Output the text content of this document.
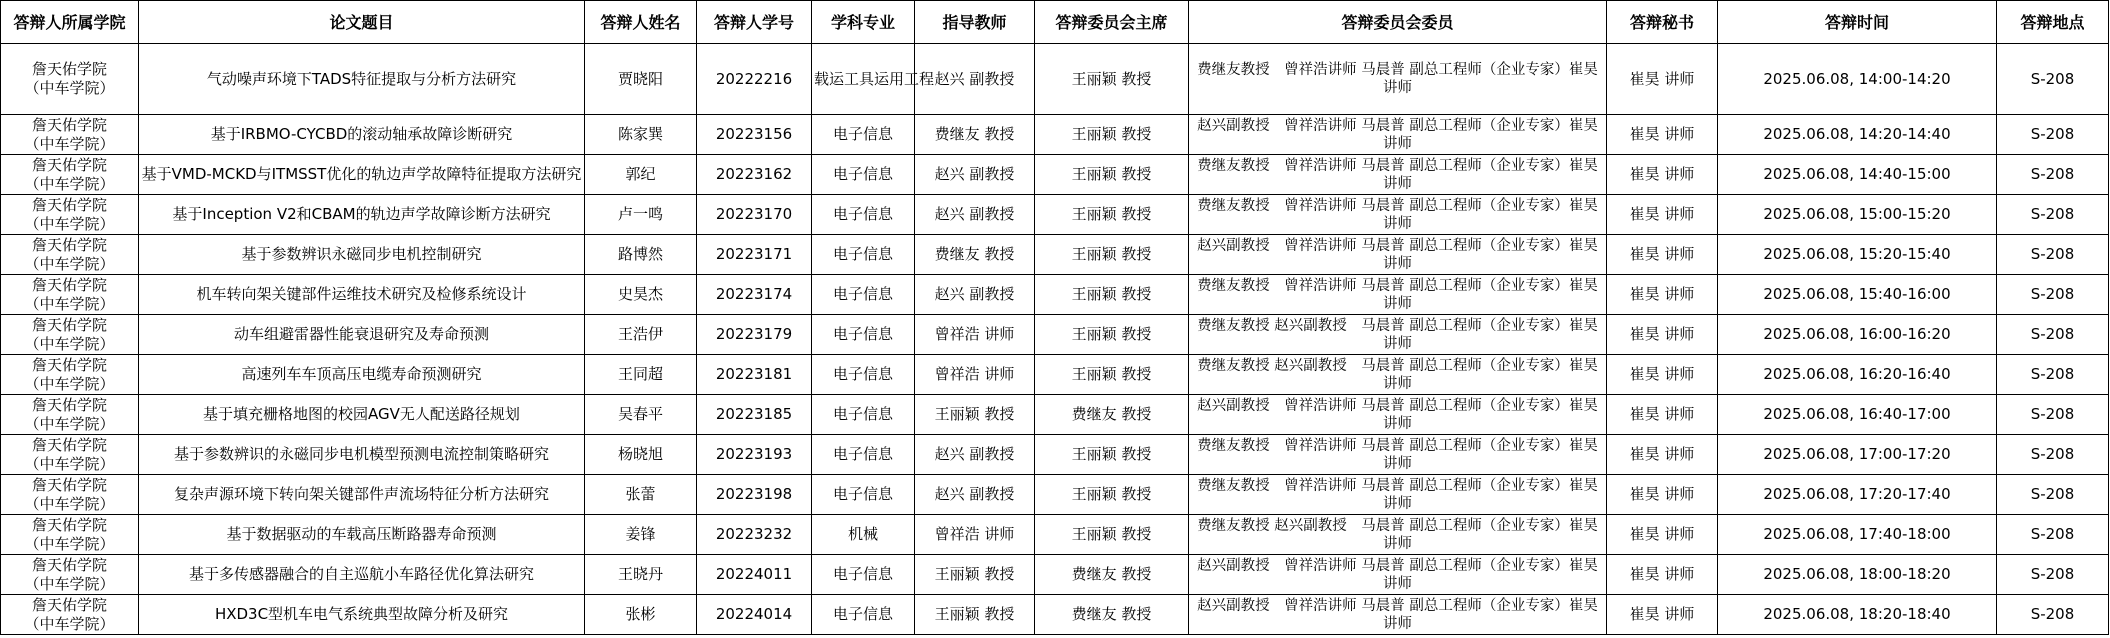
答辩人所属学院	论文题目	答辩人姓名	答辩人学号	学科专业	指导教师	答辩委员会主席	答辩委员会委员	答辩秘书	答辩时间	答辩地点
詹天佑学院
（中车学院）	气动噪声环境下TADS特征提取与分析方法研究	贾晓阳	20222216	载运工具运用工程	赵兴 副教授	王丽颖 教授	费继友教授　曾祥浩讲师 马晨普 副总工程师（企业专家）崔昊讲师	崔昊 讲师	2025.06.08, 14:00-14:20	S-208
詹天佑学院
（中车学院）	基于IRBMO-CYCBD的滚动轴承故障诊断研究	陈家巽	20223156	电子信息	费继友 教授	王丽颖 教授	赵兴副教授　曾祥浩讲师 马晨普 副总工程师（企业专家）崔昊讲师	崔昊 讲师	2025.06.08, 14:20-14:40	S-208
詹天佑学院
（中车学院）	基于VMD-MCKD与ITMSST优化的轨边声学故障特征提取方法研究	郭纪	20223162	电子信息	赵兴 副教授	王丽颖 教授	费继友教授　曾祥浩讲师 马晨普 副总工程师（企业专家）崔昊讲师	崔昊 讲师	2025.06.08, 14:40-15:00	S-208
詹天佑学院
（中车学院）	基于Inception V2和CBAM的轨边声学故障诊断方法研究	卢一鸣	20223170	电子信息	赵兴 副教授	王丽颖 教授	费继友教授　曾祥浩讲师 马晨普 副总工程师（企业专家）崔昊讲师	崔昊 讲师	2025.06.08, 15:00-15:20	S-208
詹天佑学院
（中车学院）	基于参数辨识永磁同步电机控制研究	路博然	20223171	电子信息	费继友 教授	王丽颖 教授	赵兴副教授　曾祥浩讲师 马晨普 副总工程师（企业专家）崔昊讲师	崔昊 讲师	2025.06.08, 15:20-15:40	S-208
詹天佑学院
（中车学院）	机车转向架关键部件运维技术研究及检修系统设计	史昊杰	20223174	电子信息	赵兴 副教授	王丽颖 教授	费继友教授　曾祥浩讲师 马晨普 副总工程师（企业专家）崔昊讲师	崔昊 讲师	2025.06.08, 15:40-16:00	S-208
詹天佑学院
（中车学院）	动车组避雷器性能衰退研究及寿命预测	王浩伊	20223179	电子信息	曾祥浩 讲师	王丽颖 教授	费继友教授 赵兴副教授　马晨普 副总工程师（企业专家）崔昊讲师	崔昊 讲师	2025.06.08, 16:00-16:20	S-208
詹天佑学院
（中车学院）	高速列车车顶高压电缆寿命预测研究	王同超	20223181	电子信息	曾祥浩 讲师	王丽颖 教授	费继友教授 赵兴副教授　马晨普 副总工程师（企业专家）崔昊讲师	崔昊 讲师	2025.06.08, 16:20-16:40	S-208
詹天佑学院
（中车学院）	基于填充栅格地图的校园AGV无人配送路径规划	吴春平	20223185	电子信息	王丽颖 教授	费继友 教授	赵兴副教授　曾祥浩讲师 马晨普 副总工程师（企业专家）崔昊讲师	崔昊 讲师	2025.06.08, 16:40-17:00	S-208
詹天佑学院
（中车学院）	基于参数辨识的永磁同步电机模型预测电流控制策略研究	杨晓旭	20223193	电子信息	赵兴 副教授	王丽颖 教授	费继友教授　曾祥浩讲师 马晨普 副总工程师（企业专家）崔昊讲师	崔昊 讲师	2025.06.08, 17:00-17:20	S-208
詹天佑学院
（中车学院）	复杂声源环境下转向架关键部件声流场特征分析方法研究	张蕾	20223198	电子信息	赵兴 副教授	王丽颖 教授	费继友教授　曾祥浩讲师 马晨普 副总工程师（企业专家）崔昊讲师	崔昊 讲师	2025.06.08, 17:20-17:40	S-208
詹天佑学院
（中车学院）	基于数据驱动的车载高压断路器寿命预测	姜锋	20223232	机械	曾祥浩 讲师	王丽颖 教授	费继友教授 赵兴副教授　马晨普 副总工程师（企业专家）崔昊讲师	崔昊 讲师	2025.06.08, 17:40-18:00	S-208
詹天佑学院
（中车学院）	基于多传感器融合的自主巡航小车路径优化算法研究	王晓丹	20224011	电子信息	王丽颖 教授	费继友 教授	赵兴副教授　曾祥浩讲师 马晨普 副总工程师（企业专家）崔昊讲师	崔昊 讲师	2025.06.08, 18:00-18:20	S-208
詹天佑学院
（中车学院）	HXD3C型机车电气系统典型故障分析及研究	张彬	20224014	电子信息	王丽颖 教授	费继友 教授	赵兴副教授　曾祥浩讲师 马晨普 副总工程师（企业专家）崔昊讲师	崔昊 讲师	2025.06.08, 18:20-18:40	S-208
